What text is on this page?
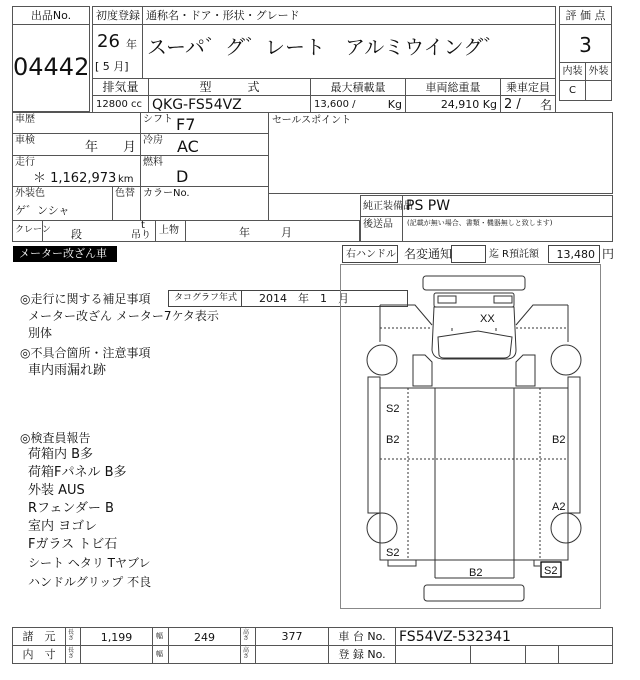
出品No.
04442
初度登録 通称名・ドア・形状・グレード
26 年
[ 5 月]
スーパ゛グ゛レート　アルミウイング゛
排気量	型　　　式	最大積載量	車両総重量	乗車定員
12800 cc QKG-FS54VZ	13,600 /	Kg	24,910 Kg 2 / 名
評 価 点
3
内装 外装
C
車歴	シフト F7
車検	年 月 冷房 AC
走行
＊ 1,162,973 km
燃料
D
外装色
ゲ゛ンシャ
色替 カラーNo.
クレーン 段
t
吊り 上物	年	月
セールスポイント
純正装備品
PS PW
後送品 (記載が無い場合、書類・機器無しと致します)
メーター改ざん車	右ハンドル 名変通知	迄 R預託額 13,480 円
◎走行に関する補足事項	タコグラフ年式 2014　年　1　月
メーター改ざん メーター7ケタ表示
別体
◎不具合箇所・注意事項
車内雨漏れ跡
◎検査員報告
荷箱内 B多
荷箱Fパネル B多
外装 AUS
Rフェンダー B
室内 ヨゴレ
Fガラス トビ石
シート ヘタリ Tヤブレ
ハンドルグリップ 不良
XX
S2
B2	B2
A2
S2
B2	S2
諸　元	長さ	1,199	幅	249	高さ	377	車 台 No. FS54VZ-532341
内　寸	長さ	幅	高さ	登 録 No.
